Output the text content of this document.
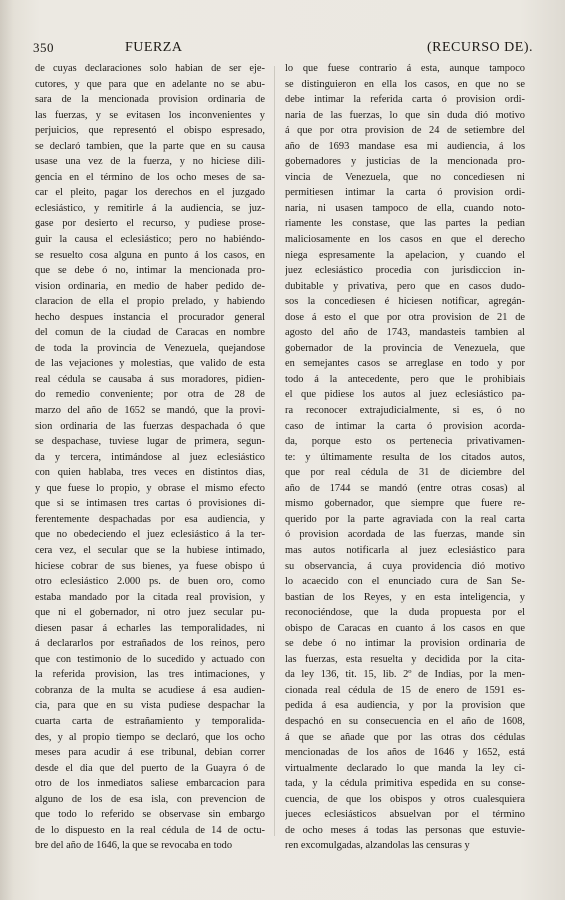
350	FUERZA	(RECURSO DE).
de cuyas declaraciones solo habian de ser eje-
cutores, y que para que en adelante no se abu-
sara de la mencionada provision ordinaria de
las fuerzas, y se evitasen los inconvenientes y
perjuicios, que representó el obispo espresado,
se declaró tambien, que la parte que en su causa
usase una vez de la fuerza, y no hiciese dili-
gencia en el término de los ocho meses de sa-
car el pleito, pagar los derechos en el juzgado
eclesiástico, y remitirle á la audiencia, se juz-
gase por desierto el recurso, y pudiese prose-
guir la causa el eclesiástico; pero no habiéndo-
se resuelto cosa alguna en punto á los casos, en
que se debe ó no, intimar la mencionada pro-
vision ordinaria, en medio de haber pedido de-
claracion de ella el propio prelado, y habiendo
hecho despues instancia el procurador general
del comun de la ciudad de Caracas en nombre
de toda la provincia de Venezuela, quejandose
de las vejaciones y molestias, que valido de esta
real cédula se causaba á sus moradores, pidien-
do remedio conveniente; por otra de 28 de
marzo del año de 1652 se mandó, que la provi-
sion ordinaria de las fuerzas despachada ó que
se despachase, tuviese lugar de primera, segun-
da y tercera, intimándose al juez eclesiástico
con quien hablaba, tres veces en distintos dias,
y que fuese lo propio, y obrase el mismo efecto
que si se intimasen tres cartas ó provisiones di-
ferentemente despachadas por esa audiencia, y
que no obedeciendo el juez eclesiástico á la ter-
cera vez, el secular que se la hubiese intimado,
hiciese cobrar de sus bienes, ya fuese obispo ú
otro eclesiástico 2.000 ps. de buen oro, como
estaba mandado por la citada real provision, y
que ni el gobernador, ni otro juez secular pu-
diesen pasar á echarles las temporalidades, ni
á declararlos por estrañados de los reinos, pero
que con testimonio de lo sucedido y actuado con
la referida provision, las tres intimaciones, y
cobranza de la multa se acudiese á esa audien-
cia, para que en su vista pudiese despachar la
cuarta carta de estrañamiento y temporalida-
des, y al propio tiempo se declaró, que los ocho
meses para acudir á ese tribunal, debian correr
desde el dia que del puerto de la Guayra ó de
otro de los inmediatos saliese embarcacion para
alguno de los de esa isla, con prevencion de
que todo lo referido se observase sin embargo
de lo dispuesto en la real cédula de 14 de octu-
bre del año de 1646, la que se revocaba en todo
lo que fuese contrario á esta, aunque tampoco
se distinguieron en ella los casos, en que no se
debe intimar la referida carta ó provision ordi-
naria de las fuerzas, lo que sin duda dió motivo
á que por otra provision de 24 de setiembre del
año de 1693 mandase esa mi audiencia, á los
gobernadores y justicias de la mencionada pro-
vincia de Venezuela, que no concediesen ni
permitiesen intimar la carta ó provision ordi-
naria, ni usasen tampoco de ella, cuando noto-
riamente les constase, que las partes la pedian
maliciosamente en los casos en que el derecho
niega espresamente la apelacion, y cuando el
juez eclesiástico procedia con jurisdiccion in-
dubitable y privativa, pero que en casos dudo-
sos la concediesen é hiciesen notificar, agregán-
dose á esto el que por otra provision de 21 de
agosto del año de 1743, mandasteis tambien al
gobernador de la provincia de Venezuela, que
en semejantes casos se arreglase en todo y por
todo á la antecedente, pero que le prohibiais
el que pidiese los autos al juez eclesiástico pa-
ra reconocer extrajudicialmente, si es, ó no
caso de intimar la carta ó provision acorda-
da, porque esto os pertenecia privativamen-
te: y últimamente resulta de los citados autos,
que por real cédula de 31 de diciembre del
año de 1744 se mandó (entre otras cosas) al
mismo gobernador, que siempre que fuere re-
querido por la parte agraviada con la real carta
ó provision acordada de las fuerzas, mande sin
mas autos notificarla al juez eclesiástico para
su observancia, á cuya providencia dió motivo
lo acaecido con el enunciado cura de San Se-
bastian de los Reyes, y en esta inteligencia, y
reconociéndose, que la duda propuesta por el
obispo de Caracas en cuanto á los casos en que
se debe ó no intimar la provision ordinaria de
las fuerzas, esta resuelta y decidida por la cita-
da ley 136, tit. 15, lib. 2º de Indias, por la men-
cionada real cédula de 15 de enero de 1591 es-
pedida á esa audiencia, y por la provision que
despachó en su consecuencia en el año de 1608,
á que se añade que por las otras dos cédulas
mencionadas de los años de 1646 y 1652, está
virtualmente declarado lo que manda la ley ci-
tada, y la cédula primitiva espedida en su conse-
cuencia, de que los obispos y otros cualesquiera
jueces eclesiásticos absuelvan por el término
de ocho meses á todas las personas que estuvie-
ren excomulgadas, alzandolas las censuras y
